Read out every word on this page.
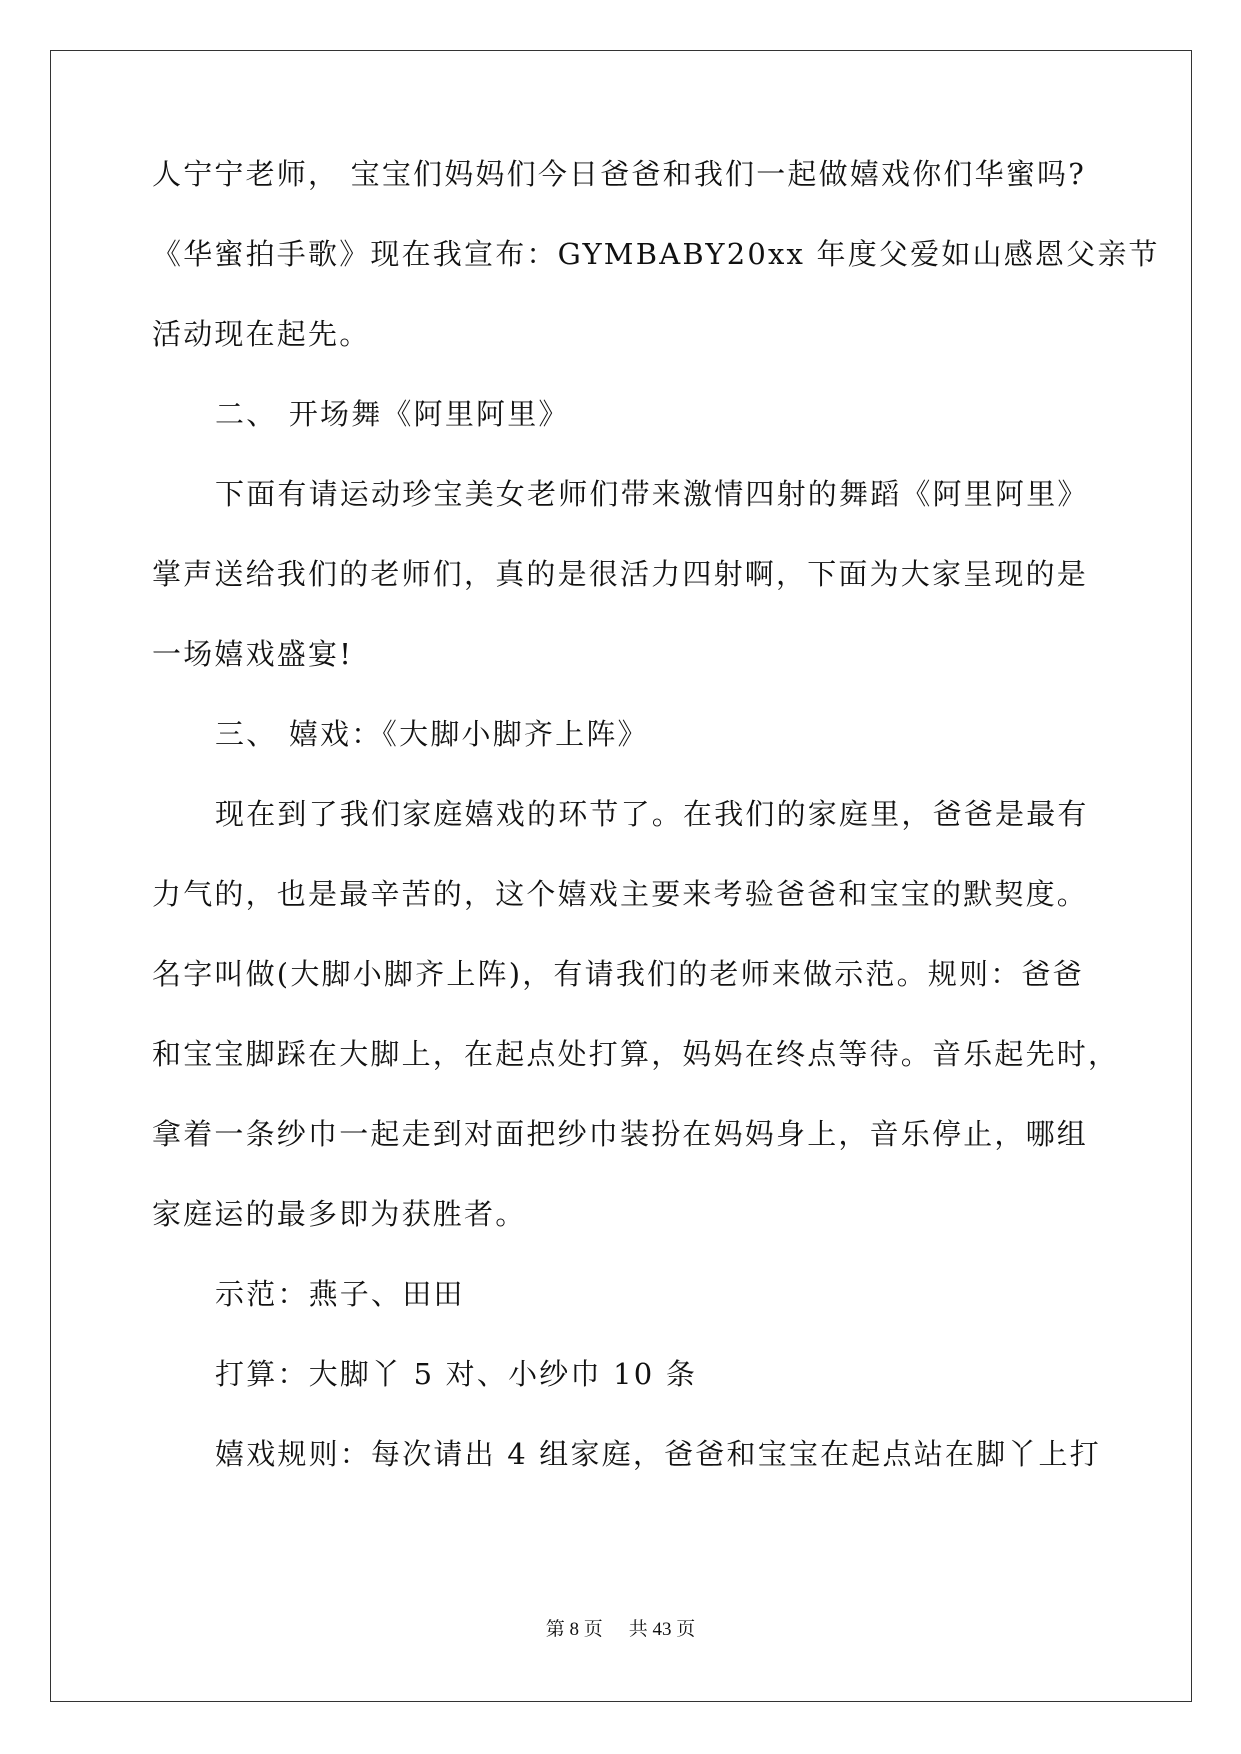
人宁宁老师， 宝宝们妈妈们今日爸爸和我们一起做嬉戏你们华蜜吗?
《华蜜拍手歌》现在我宣布：GYMBABY20xx 年度父爱如山感恩父亲节
活动现在起先。
二、 开场舞《阿里阿里》
下面有请运动珍宝美女老师们带来激情四射的舞蹈《阿里阿里》
掌声送给我们的老师们，真的是很活力四射啊，下面为大家呈现的是
一场嬉戏盛宴!
三、 嬉戏：《大脚小脚齐上阵》
现在到了我们家庭嬉戏的环节了。在我们的家庭里，爸爸是最有
力气的，也是最辛苦的，这个嬉戏主要来考验爸爸和宝宝的默契度。
名字叫做(大脚小脚齐上阵)，有请我们的老师来做示范。规则：爸爸
和宝宝脚踩在大脚上，在起点处打算，妈妈在终点等待。音乐起先时，
拿着一条纱巾一起走到对面把纱巾装扮在妈妈身上，音乐停止，哪组
家庭运的最多即为获胜者。
示范：燕子、田田
打算：大脚丫 5 对、小纱巾 10 条
嬉戏规则：每次请出 4 组家庭，爸爸和宝宝在起点站在脚丫上打
第 8 页 共 43 页
